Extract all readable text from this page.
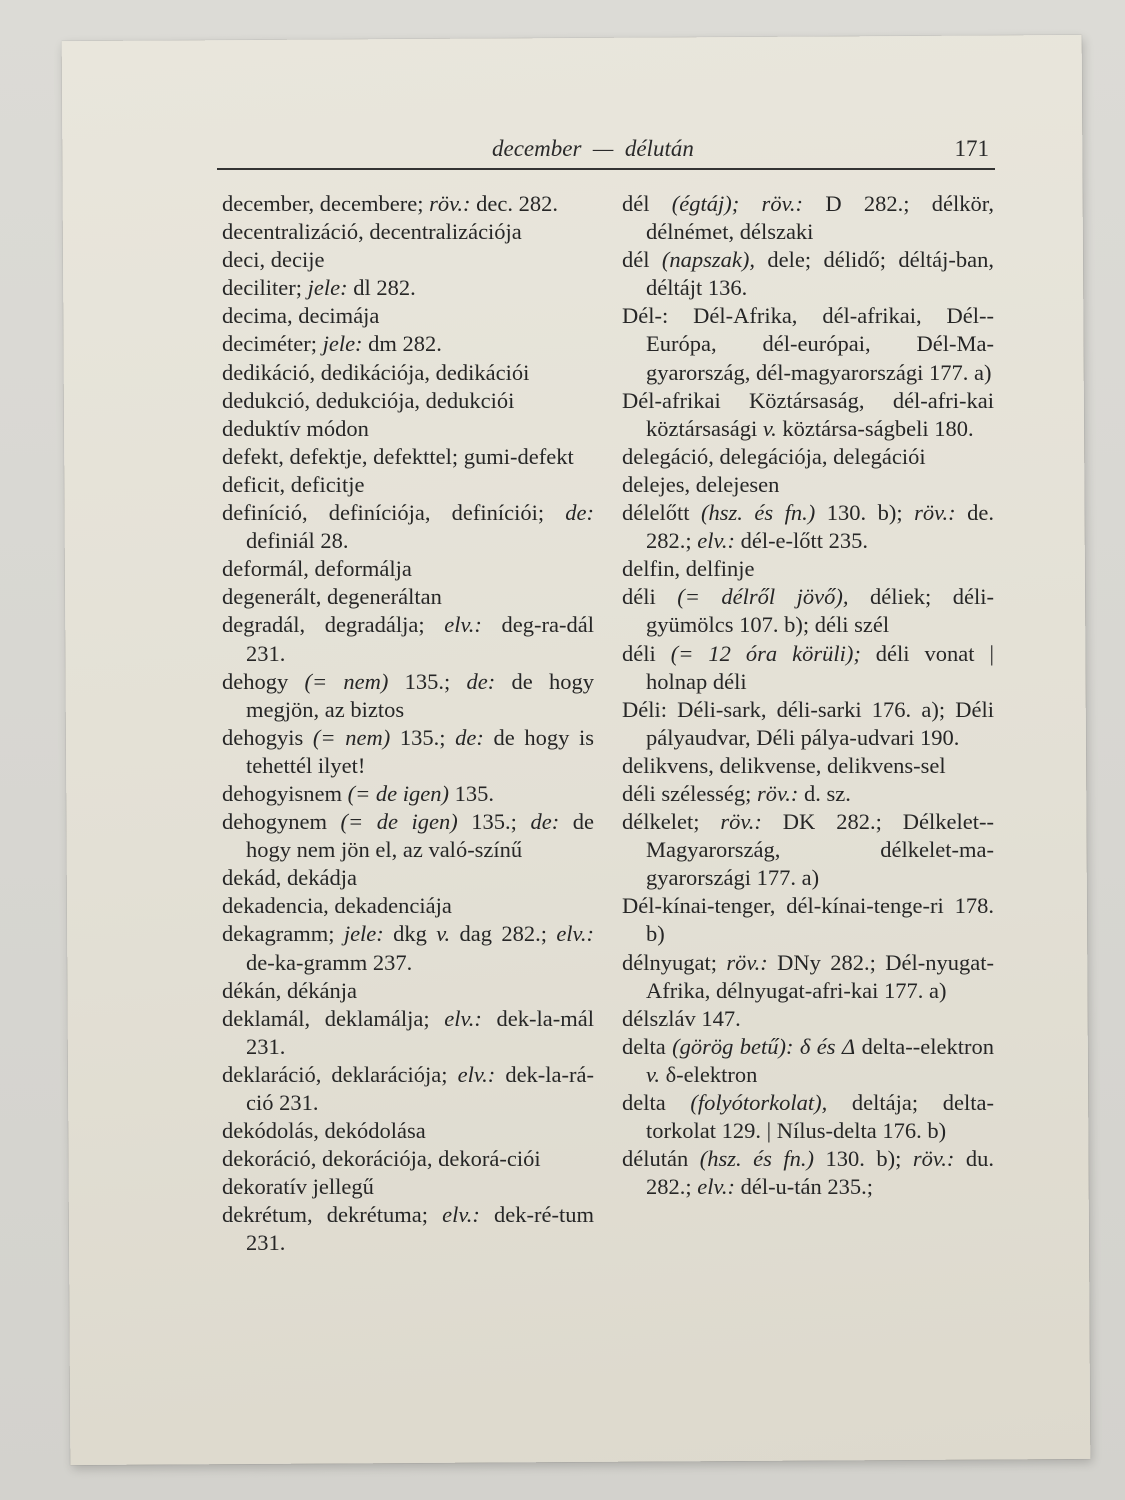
december  —  délután	171

december, decembere; röv.: dec. 282.

decentralizáció, decentralizációja

deci, decije

deciliter; jele: dl 282.

decima, decimája

deciméter; jele: dm 282.

dedikáció, dedikációja, dedikációi

dedukció, dedukciója, dedukciói

deduktív módon

defekt, defektje, defekttel; gumi-defekt

deficit, deficitje

definíció, definíciója, definíciói; de: definiál 28.

deformál, deformálja

degenerált, degeneráltan

degradál, degradálja; elv.: deg-ra-dál 231.

dehogy (= nem) 135.; de: de hogy megjön, az biztos

dehogyis (= nem) 135.; de: de hogy is tehettél ilyet!

dehogyisnem (= de igen) 135.

dehogynem (= de igen) 135.; de: de hogy nem jön el, az való-színű

dekád, dekádja

dekadencia, dekadenciája

dekagramm; jele: dkg v. dag 282.; elv.: de-ka-gramm 237.

dékán, dékánja

deklamál, deklamálja; elv.: dek-la-mál 231.

deklaráció, deklarációja; elv.: dek-la-rá-ció 231.

dekódolás, dekódolása

dekoráció, dekorációja, dekorá-ciói

dekoratív jellegű

dekrétum, dekrétuma; elv.: dek-ré-tum 231.

dél (égtáj); röv.: D 282.; délkör, délnémet, délszaki

dél (napszak), dele; délidő; déltáj-ban, déltájt 136.

Dél-: Dél-Afrika, dél-afrikai, Dél--Európa, dél-európai, Dél-Ma-gyarország, dél-magyarországi 177. a)

Dél-afrikai Köztársaság, dél-afri-kai köztársasági v. köztársa-ságbeli 180.

delegáció, delegációja, delegációi

delejes, delejesen

délelőtt (hsz. és fn.) 130. b); röv.: de. 282.; elv.: dél-e-lőtt 235.

delfin, delfinje

déli (= délről jövő), déliek; déli-gyümölcs 107. b); déli szél

déli (= 12 óra körüli); déli vonat | holnap déli

Déli: Déli-sark, déli-sarki 176. a); Déli pályaudvar, Déli pálya-udvari 190.

delikvens, delikvense, delikvens-sel

déli szélesség; röv.: d. sz.

délkelet; röv.: DK 282.; Délkelet--Magyarország, délkelet-ma-gyarországi 177. a)

Dél-kínai-tenger, dél-kínai-tenge-ri 178. b)

délnyugat; röv.: DNy 282.; Dél-nyugat-Afrika, délnyugat-afri-kai 177. a)

délszláv 147.

delta (görög betű): δ és Δ delta--elektron v. δ-elektron

delta (folyótorkolat), deltája; delta-torkolat 129. | Nílus-delta 176. b)

délután (hsz. és fn.) 130. b); röv.: du. 282.; elv.: dél-u-tán 235.;
